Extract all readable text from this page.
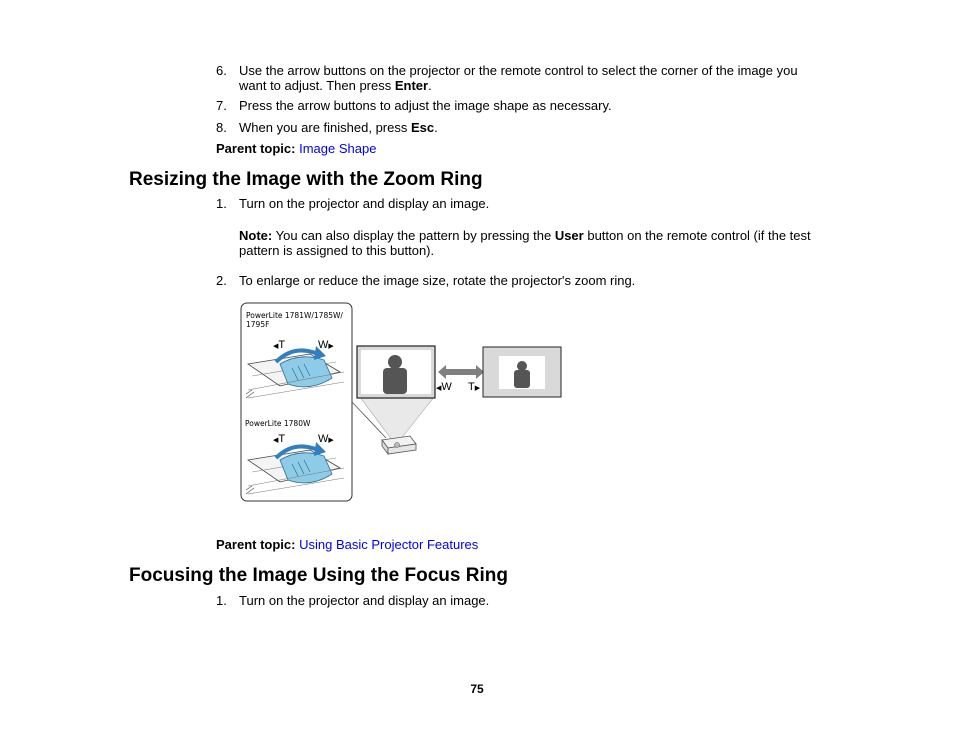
6. Use the arrow buttons on the projector or the remote control to select the corner of the image you want to adjust. Then press Enter.
7. Press the arrow buttons to adjust the image shape as necessary.
8. When you are finished, press Esc.
Parent topic: Image Shape
Resizing the Image with the Zoom Ring
1. Turn on the projector and display an image.
Note: You can also display the pattern by pressing the User button on the remote control (if the test pattern is assigned to this button).
2. To enlarge or reduce the image size, rotate the projector's zoom ring.
PowerLite 1781W/1785W/ 1795F
PowerLite 1780W
◀T	W▶
◀T	W▶
◀W T▶
Parent topic: Using Basic Projector Features
Focusing the Image Using the Focus Ring
1. Turn on the projector and display an image.
75
